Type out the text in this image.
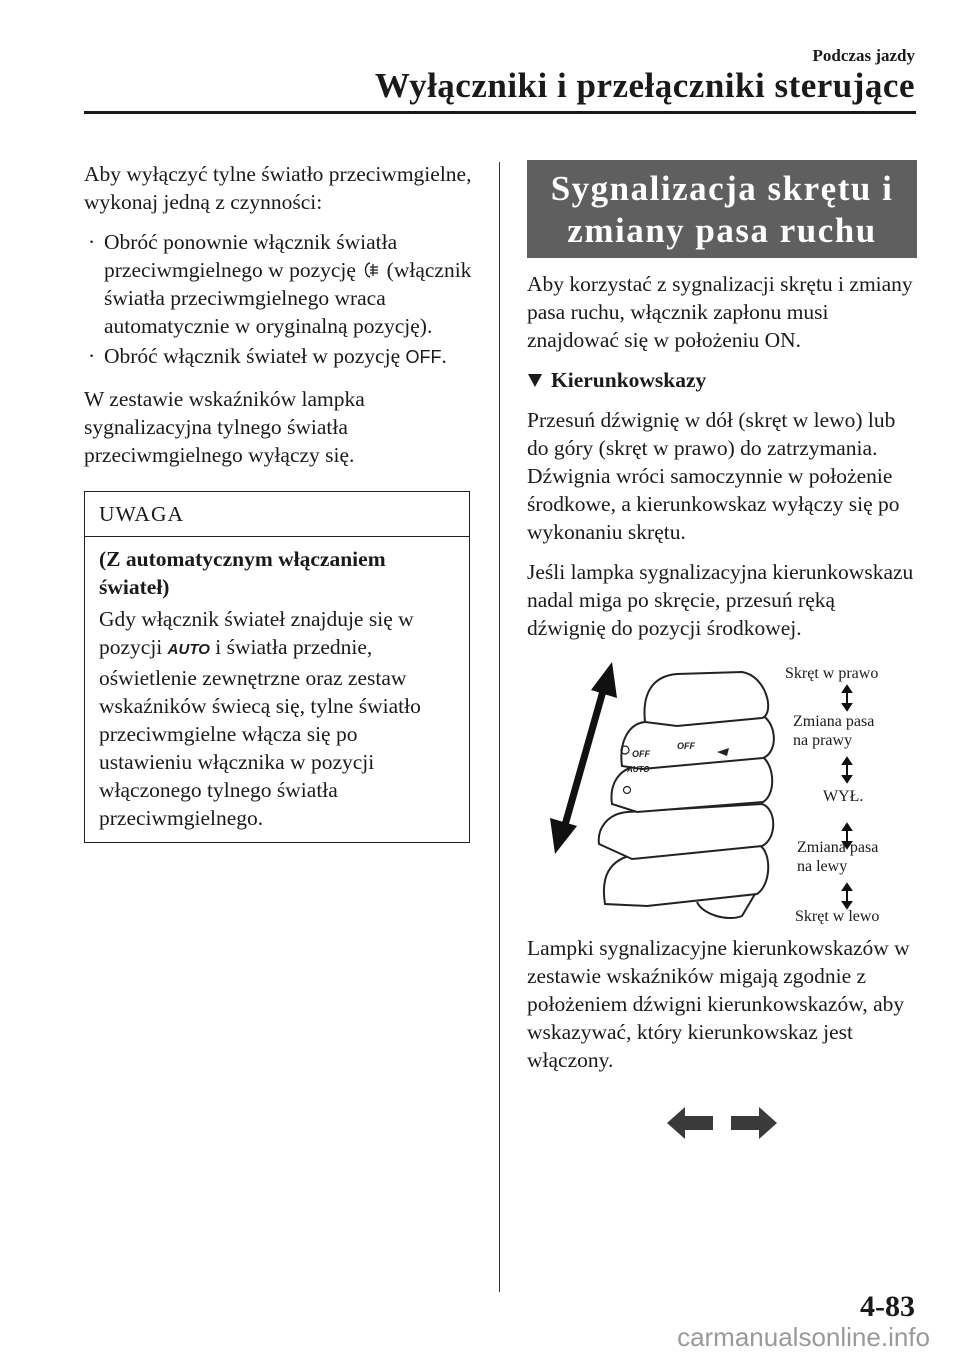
Podczas jazdy
Wyłączniki i przełączniki sterujące

Aby wyłączyć tylne światło przeciwmgielne, wykonaj jedną z czynności:

· Obróć ponownie włącznik światła przeciwmgielnego w pozycję (włącznik światła przeciwmgielnego wraca automatycznie w oryginalną pozycję).
· Obróć włącznik świateł w pozycję OFF.

W zestawie wskaźników lampka sygnalizacyjna tylnego światła przeciwmgielnego wyłączy się.

UWAGA
(Z automatycznym włączaniem świateł)
Gdy włącznik świateł znajduje się w pozycji AUTO i światła przednie, oświetlenie zewnętrzne oraz zestaw wskaźników świecą się, tylne światło przeciwmgielne włącza się po ustawieniu włącznika w pozycji włączonego tylnego światła przeciwmgielnego.
Sygnalizacja skrętu i zmiany pasa ruchu

Aby korzystać z sygnalizacji skrętu i zmiany pasa ruchu, włącznik zapłonu musi znajdować się w położeniu ON.

Kierunkowskazy

Przesuń dźwignię w dół (skręt w lewo) lub do góry (skręt w prawo) do zatrzymania. Dźwignia wróci samoczynnie w położenie środkowe, a kierunkowskaz wyłączy się po wykonaniu skrętu.

Jeśli lampka sygnalizacyjna kierunkowskazu nadal miga po skręcie, przesuń ręką dźwignię do pozycji środkowej.

OFF
OFF
AUTO
Skręt w prawo
Zmiana pasa
na prawy
WYŁ.
Zmiana pasa
na lewy
Skręt w lewo

Lampki sygnalizacyjne kierunkowskazów w zestawie wskaźników migają zgodnie z położeniem dźwigni kierunkowskazów, aby wskazywać, który kierunkowskaz jest włączony.

4-83
carmanualsonline.info
